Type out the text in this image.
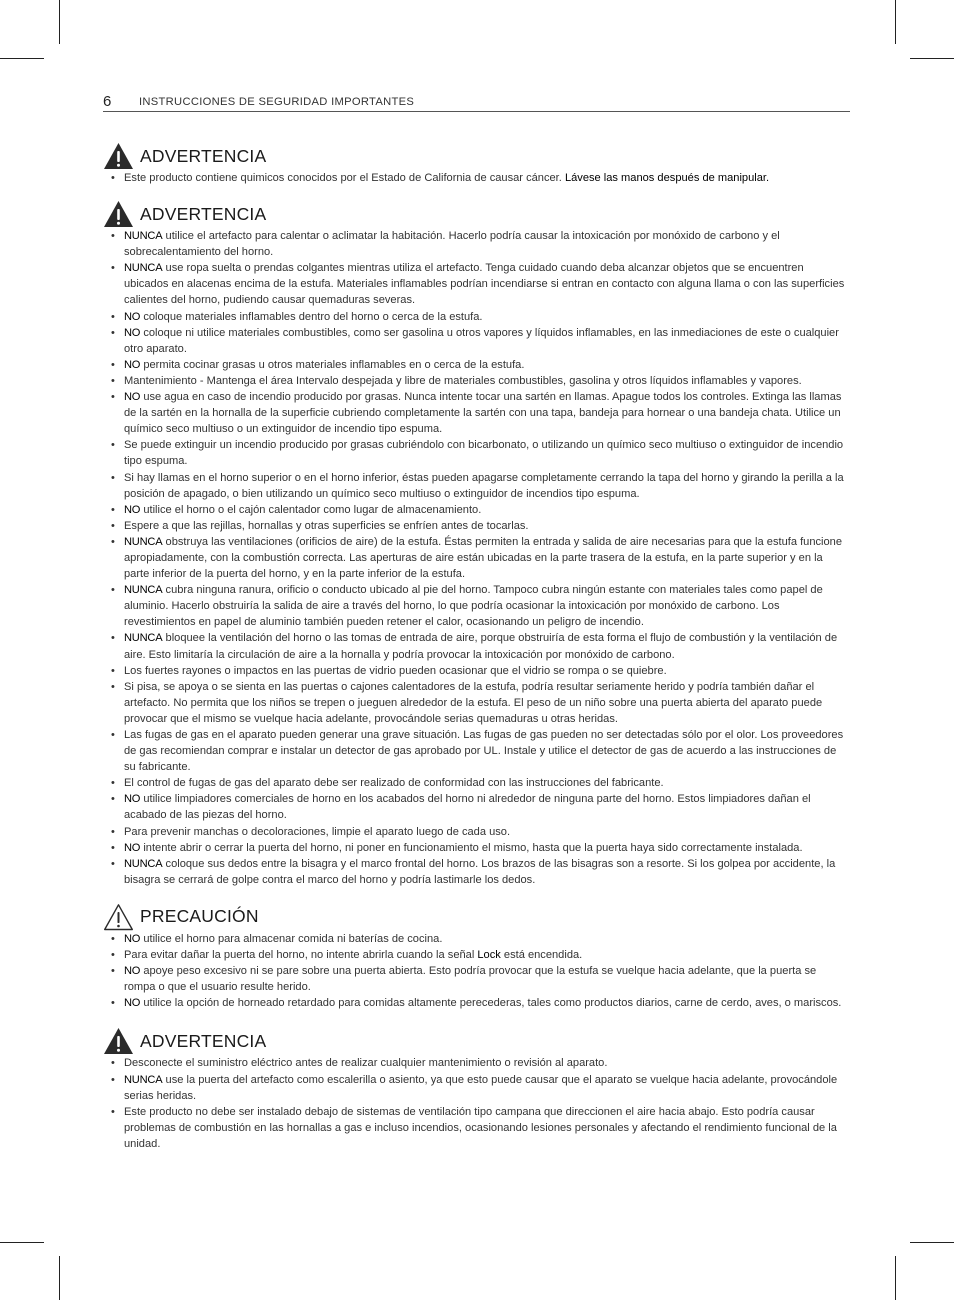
6 INSTRUCCIONES DE SEGURIDAD IMPORTANTES
ADVERTENCIA
• Este producto contiene quimicos conocidos por el Estado de California de causar cáncer. Lávese las manos después de manipular.
ADVERTENCIA
• NUNCA utilice el artefacto para calentar o aclimatar la habitación. Hacerlo podría causar la intoxicación por monóxido de carbono y el sobrecalentamiento del horno.
• NUNCA use ropa suelta o prendas colgantes mientras utiliza el artefacto. Tenga cuidado cuando deba alcanzar objetos que se encuentren ubicados en alacenas encima de la estufa. Materiales inflamables podrían incendiarse si entran en contacto con alguna llama o con las superficies calientes del horno, pudiendo causar quemaduras severas.
• NO coloque materiales inflamables dentro del horno o cerca de la estufa.
• NO coloque ni utilice materiales combustibles, como ser gasolina u otros vapores y líquidos inflamables, en las inmediaciones de este o cualquier otro aparato.
• NO permita cocinar grasas u otros materiales inflamables en o cerca de la estufa.
• Mantenimiento - Mantenga el área Intervalo despejada y libre de materiales combustibles, gasolina y otros líquidos inflamables y vapores.
• NO use agua en caso de incendio producido por grasas. Nunca intente tocar una sartén en llamas. Apague todos los controles. Extinga las llamas de la sartén en la hornalla de la superficie cubriendo completamente la sartén con una tapa, bandeja para hornear o una bandeja chata. Utilice un químico seco multiuso o un extinguidor de incendio tipo espuma.
• Se puede extinguir un incendio producido por grasas cubriéndolo con bicarbonato, o utilizando un químico seco multiuso o extinguidor de incendio tipo espuma.
• Si hay llamas en el horno superior o en el horno inferior, éstas pueden apagarse completamente cerrando la tapa del horno y girando la perilla a la posición de apagado, o bien utilizando un químico seco multiuso o extinguidor de incendios tipo espuma.
• NO utilice el horno o el cajón calentador como lugar de almacenamiento.
• Espere a que las rejillas, hornallas y otras superficies se enfríen antes de tocarlas.
• NUNCA obstruya las ventilaciones (orificios de aire) de la estufa. Éstas permiten la entrada y salida de aire necesarias para que la estufa funcione apropiadamente, con la combustión correcta. Las aperturas de aire están ubicadas en la parte trasera de la estufa, en la parte superior y en la parte inferior de la puerta del horno, y en la parte inferior de la estufa.
• NUNCA cubra ninguna ranura, orificio o conducto ubicado al pie del horno. Tampoco cubra ningún estante con materiales tales como papel de aluminio. Hacerlo obstruiría la salida de aire a través del horno, lo que podría ocasionar la intoxicación por monóxido de carbono. Los revestimientos en papel de aluminio también pueden retener el calor, ocasionando un peligro de incendio.
• NUNCA bloquee la ventilación del horno o las tomas de entrada de aire, porque obstruiría de esta forma el flujo de combustión y la ventilación de aire. Esto limitaría la circulación de aire a la hornalla y podría provocar la intoxicación por monóxido de carbono.
• Los fuertes rayones o impactos en las puertas de vidrio pueden ocasionar que el vidrio se rompa o se quiebre.
• Si pisa, se apoya o se sienta en las puertas o cajones calentadores de la estufa, podría resultar seriamente herido y podría también dañar el artefacto. No permita que los niños se trepen o jueguen alrededor de la estufa. El peso de un niño sobre una puerta abierta del aparato puede provocar que el mismo se vuelque hacia adelante, provocándole serias quemaduras u otras heridas.
• Las fugas de gas en el aparato pueden generar una grave situación. Las fugas de gas pueden no ser detectadas sólo por el olor. Los proveedores de gas recomiendan comprar e instalar un detector de gas aprobado por UL. Instale y utilice el detector de gas de acuerdo a las instrucciones de su fabricante.
• El control de fugas de gas del aparato debe ser realizado de conformidad con las instrucciones del fabricante.
• NO utilice limpiadores comerciales de horno en los acabados del horno ni alrededor de ninguna parte del horno. Estos limpiadores dañan el acabado de las piezas del horno.
• Para prevenir manchas o decoloraciones, limpie el aparato luego de cada uso.
• NO intente abrir o cerrar la puerta del horno, ni poner en funcionamiento el mismo, hasta que la puerta haya sido correctamente instalada.
• NUNCA coloque sus dedos entre la bisagra y el marco frontal del horno. Los brazos de las bisagras son a resorte. Si los golpea por accidente, la bisagra se cerrará de golpe contra el marco del horno y podría lastimarle los dedos.
PRECAUCIÓN
• NO utilice el horno para almacenar comida ni baterías de cocina.
• Para evitar dañar la puerta del horno, no intente abrirla cuando la señal Lock está encendida.
• NO apoye peso excesivo ni se pare sobre una puerta abierta. Esto podría provocar que la estufa se vuelque hacia adelante, que la puerta se rompa o que el usuario resulte herido.
• NO utilice la opción de horneado retardado para comidas altamente perecederas, tales como productos diarios, carne de cerdo, aves, o mariscos.
ADVERTENCIA
• Desconecte el suministro eléctrico antes de realizar cualquier mantenimiento o revisión al aparato.
• NUNCA use la puerta del artefacto como escalerilla o asiento, ya que esto puede causar que el aparato se vuelque hacia adelante, provocándole serias heridas.
• Este producto no debe ser instalado debajo de sistemas de ventilación tipo campana que direccionen el aire hacia abajo. Esto podría causar problemas de combustión en las hornallas a gas e incluso incendios, ocasionando lesiones personales y afectando el rendimiento funcional de la unidad.
